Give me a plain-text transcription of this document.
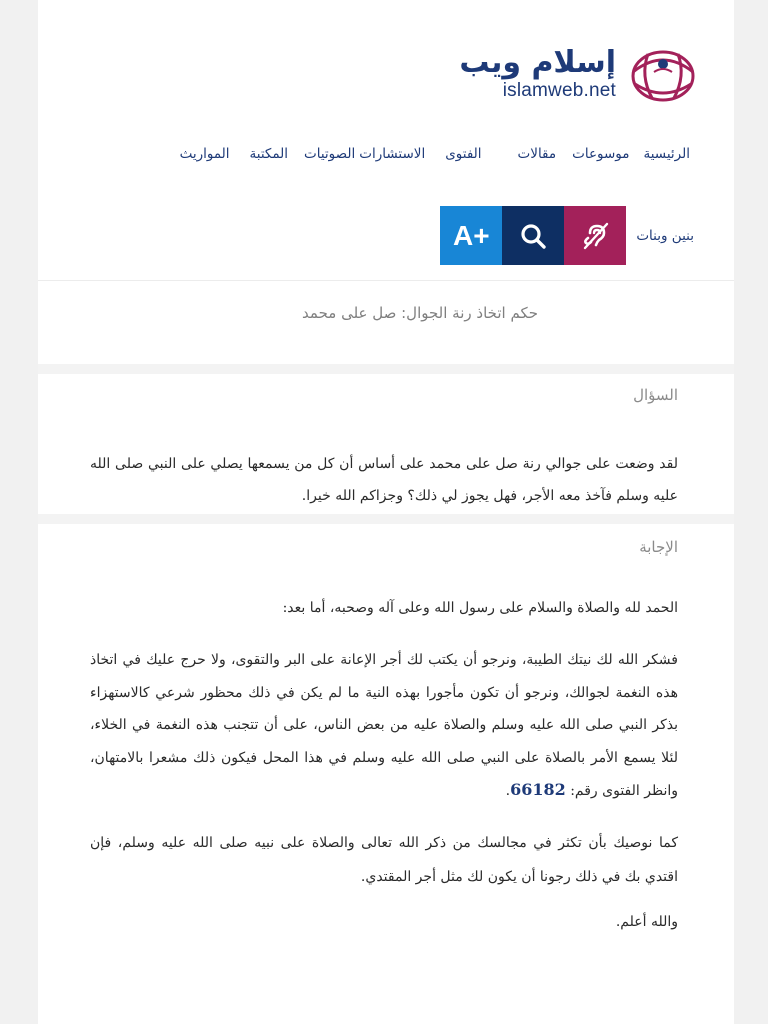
إسلام ويب
islamweb.net
الرئيسية
موسوعات
مقالات
الفتوى
الاستشارات
الصوتيات
المكتبة
المواريث
بنين وبنات
+A
حكم اتخاذ رنة الجوال: صل على محمد
السؤال
لقد وضعت على جوالي رنة صل على محمد على أساس أن كل من يسمعها يصلي على النبي صلى الله عليه وسلم فآخذ معه الأجر، فهل يجوز لي ذلك؟ وجزاكم الله خيرا.
الإجابة
الحمد لله والصلاة والسلام على رسول الله وعلى آله وصحبه، أما بعد:
فشكر الله لك نيتك الطيبة، ونرجو أن يكتب لك أجر الإعانة على البر والتقوى، ولا حرج عليك في اتخاذ هذه النغمة لجوالك، ونرجو أن تكون مأجورا بهذه النية ما لم يكن في ذلك محظور شرعي كالاستهزاء بذكر النبي صلى الله عليه وسلم والصلاة عليه من بعض الناس، على أن تتجنب هذه النغمة في الخلاء، لئلا يسمع الأمر بالصلاة على النبي صلى الله عليه وسلم في هذا المحل فيكون ذلك مشعرا بالامتهان، وانظر الفتوى رقم: 66182.
كما نوصيك بأن تكثر في مجالسك من ذكر الله تعالى والصلاة على نبيه صلى الله عليه وسلم، فإن اقتدي بك في ذلك رجونا أن يكون لك مثل أجر المقتدي.
والله أعلم.
